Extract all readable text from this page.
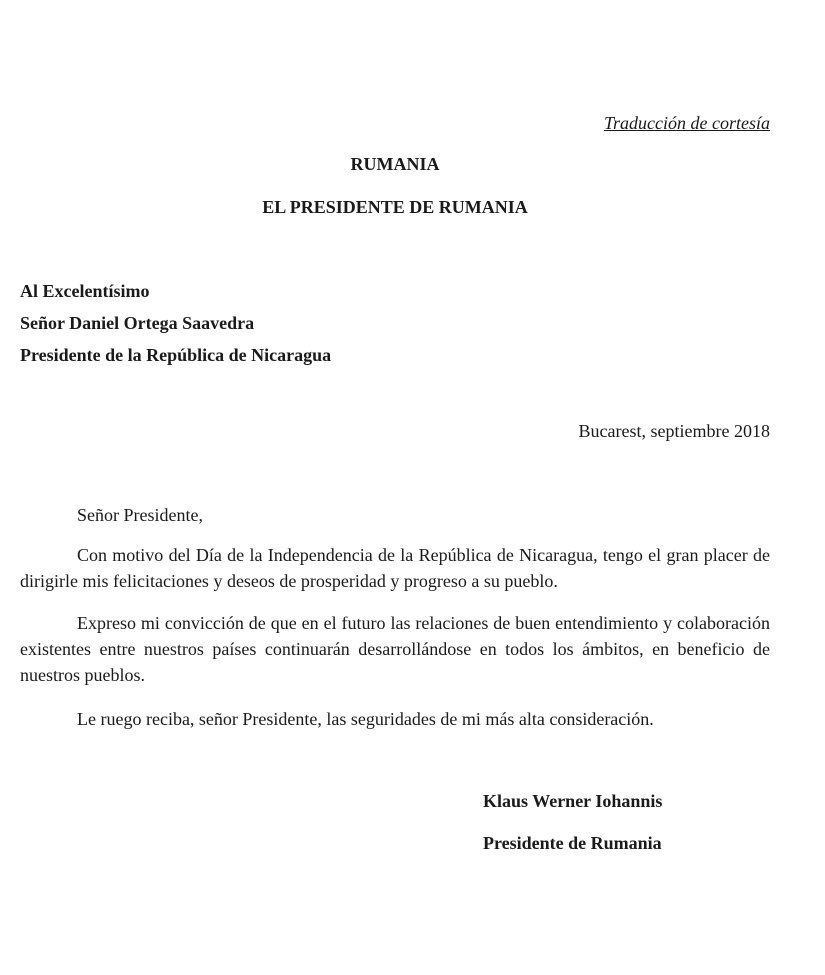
Traducción de cortesía
RUMANIA
EL PRESIDENTE DE RUMANIA
Al Excelentísimo
Señor Daniel Ortega Saavedra
Presidente de la República de Nicaragua
Bucarest, septiembre 2018
Señor Presidente,
Con motivo del Día de la Independencia de la República de Nicaragua, tengo el gran placer de dirigirle mis felicitaciones y deseos de prosperidad y progreso a su pueblo.
Expreso mi convicción de que en el futuro las relaciones de buen entendimiento y colaboración existentes entre nuestros países continuarán desarrollándose en todos los ámbitos, en beneficio de nuestros pueblos.
Le ruego reciba, señor Presidente, las seguridades de mi más alta consideración.
Klaus Werner Iohannis
Presidente de Rumania
